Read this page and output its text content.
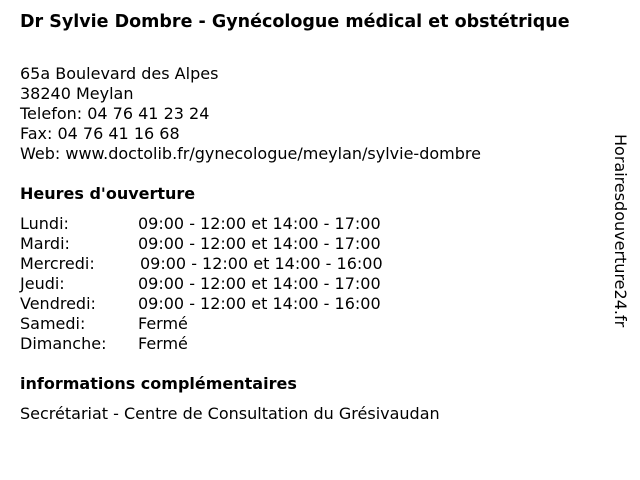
Dr Sylvie Dombre - Gynécologue médical et obstétrique
65a Boulevard des Alpes
38240 Meylan
Telefon: 04 76 41 23 24
Fax: 04 76 41 16 68
Web: www.doctolib.fr/gynecologue/meylan/sylvie-dombre
Heures d'ouverture
Lundi:	09:00 - 12:00 et 14:00 - 17:00
Mardi:	09:00 - 12:00 et 14:00 - 17:00
Mercredi:	09:00 - 12:00 et 14:00 - 16:00
Jeudi:	09:00 - 12:00 et 14:00 - 17:00
Vendredi:	09:00 - 12:00 et 14:00 - 16:00
Samedi:	Fermé
Dimanche:	Fermé
informations complémentaires
Secrétariat - Centre de Consultation du Grésivaudan
Horairesdouverture24.fr
